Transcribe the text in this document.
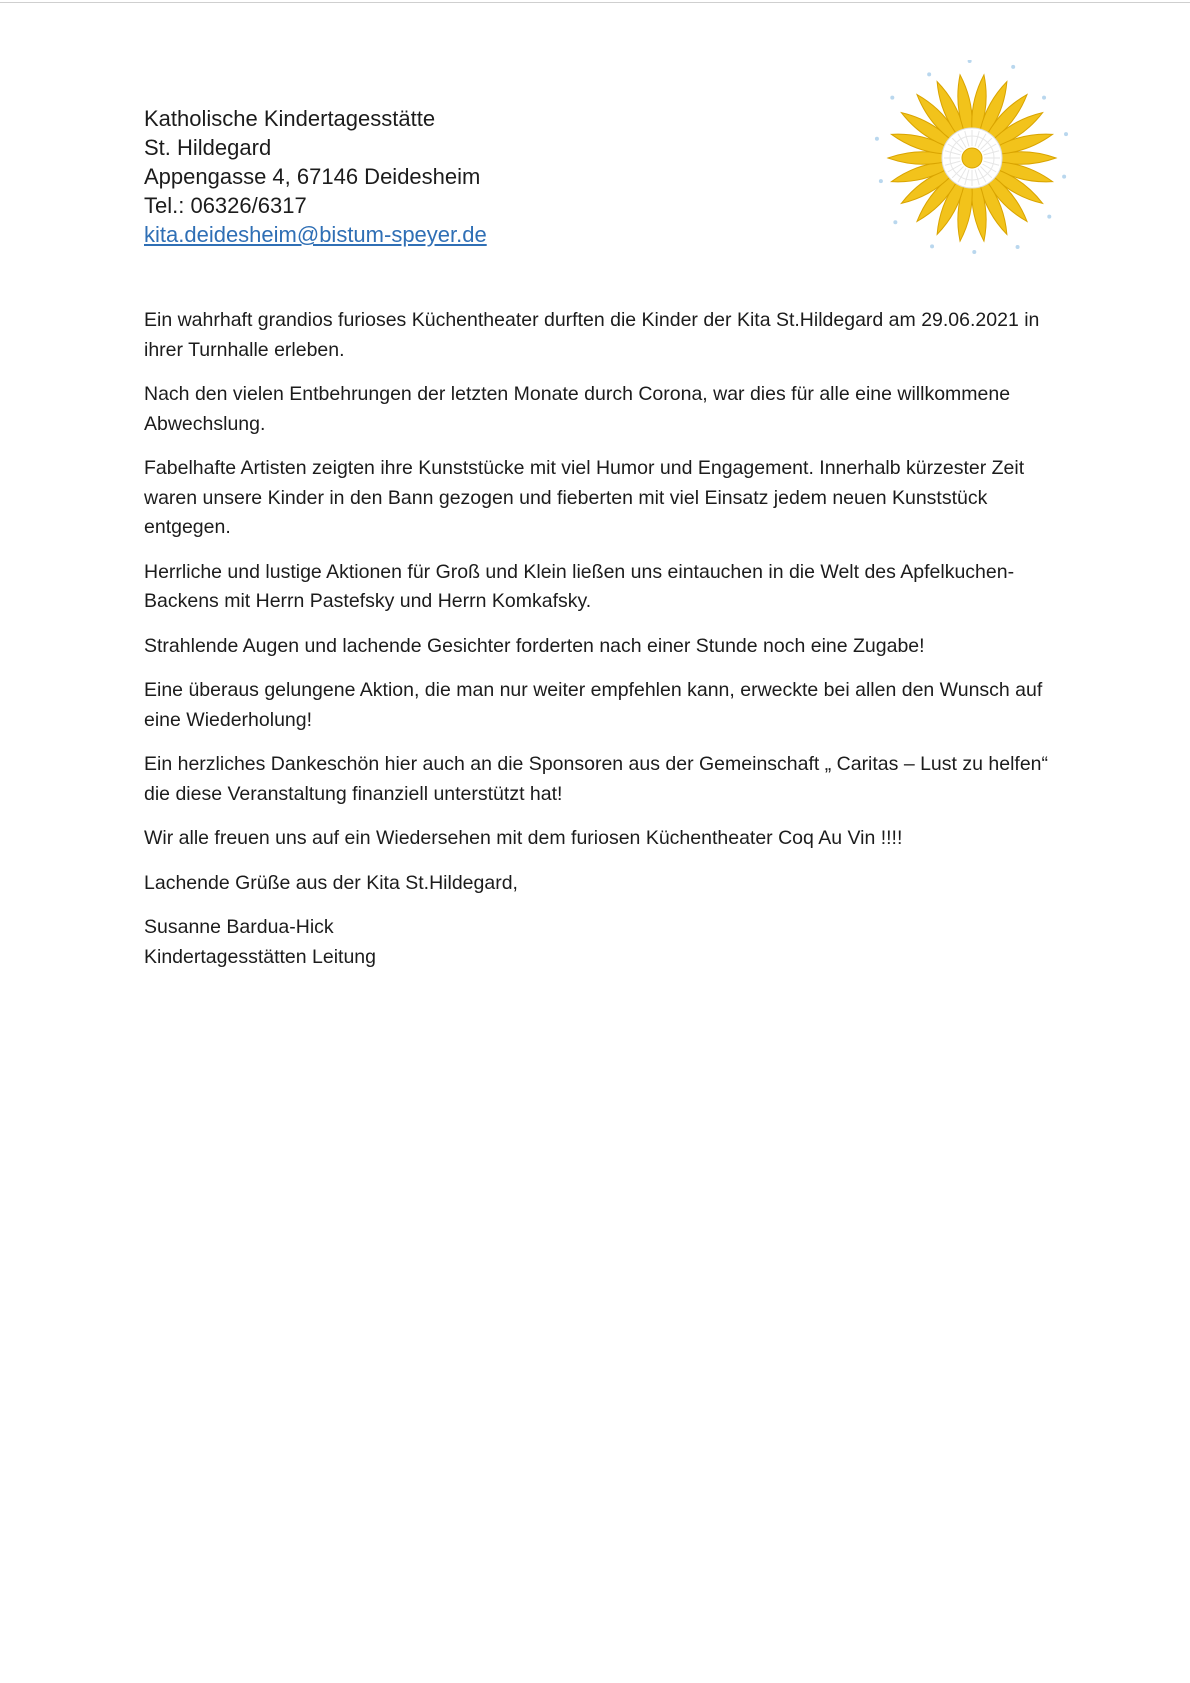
Katholische Kindertagesstätte
St. Hildegard
Appengasse 4, 67146 Deidesheim
Tel.: 06326/6317
kita.deidesheim@bistum-speyer.de

Ein wahrhaft grandios furioses Küchentheater durften die Kinder der Kita St.Hildegard am 29.06.2021 in ihrer Turnhalle erleben.

Nach den vielen Entbehrungen der letzten Monate durch Corona, war dies für alle eine willkommene Abwechslung.

Fabelhafte Artisten zeigten ihre Kunststücke mit viel Humor und Engagement. Innerhalb kürzester Zeit waren unsere Kinder in den Bann gezogen und fieberten mit viel Einsatz jedem neuen Kunststück entgegen.

Herrliche und lustige Aktionen für Groß und Klein ließen uns eintauchen in die Welt des Apfelkuchen-Backens mit Herrn Pastefsky und Herrn Komkafsky.

Strahlende Augen und lachende Gesichter forderten nach einer Stunde noch eine Zugabe!

Eine überaus gelungene Aktion, die man nur weiter empfehlen kann, erweckte bei allen den Wunsch auf eine Wiederholung!

Ein herzliches Dankeschön hier auch an die Sponsoren aus der Gemeinschaft „ Caritas – Lust zu helfen“ die diese Veranstaltung finanziell unterstützt hat!

Wir alle freuen uns auf ein Wiedersehen mit dem furiosen Küchentheater Coq Au Vin !!!!

Lachende Grüße aus der Kita St.Hildegard,

Susanne Bardua-Hick
Kindertagesstätten Leitung
